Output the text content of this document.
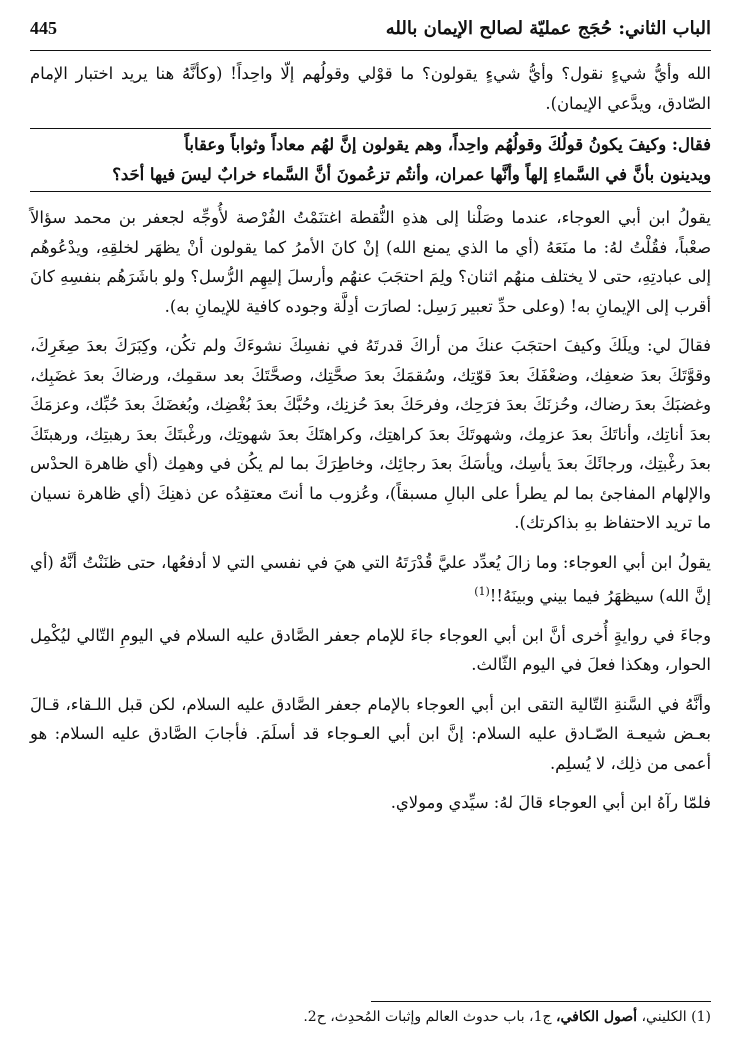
الباب الثاني: حُجَج عمليّة لصالح الإيمان بالله
445

الله وأيُّ شيءٍ نقول؟ وأيُّ شيءٍ يقولون؟ ما قوْلي وقولُهم إلّا واحِداً! (وكأنَّهُ هنا يريد اختبار الإمام الصّادق، ويدَّعي الإيمان).

فقال: وكيفَ يكونُ قولُكَ وقولُهُم واحِداً، وهم يقولون إنَّ لهُم معاداً وثواباً وعقاباً
ويدينون بأنَّ في السَّماءِ إلهاً وأنَّها عمران، وأنتُم تزعُمونَ أنَّ السَّماء خرابٌ ليسَ فيها أحَد؟

يقولُ ابن أبي العوجاء، عندما وصَلْنا إلى هذهِ النُّقطة اغتنَمْتُ الفُرْصة لأُوجِّه لجعفر بن محمد سؤالاً صعْباً، فقُلْتُ لهُ: ما منَعَهُ (أي ما الذي يمنع الله) إنْ كانَ الأمرُ كما يقولون أنْ يظهَر لخلقِهِ، ويدْعُوهُم إلى عبادتِهِ، حتى لا يختلف منهُم اثنان؟ ولِمَ احتجَبَ عنهُم وأرسلَ إليهِم الرُّسل؟ ولو باشَرَهُم بنفسِهِ كانَ أقرب إلى الإيمانِ به! (وعلى حدِّ تعبير رَسِل: لصارَت أدِلَّة وجوده كافية للإيمانِ به).

فقالَ لي: ويلَكَ وكيفَ احتجَبَ عنكَ من أراكَ قدرتَهُ في نفسِكَ نشوءَكَ ولم تكُن، وكِبَرَكَ بعدَ صِغَرِكَ، وقوَّتَكَ بعدَ ضعفِك، وضعْفَكَ بعدَ قوّتِك، وسُقمَكَ بعدَ صحَّتِك، وصحَّتَكَ بعد سقمِك، ورضاكَ بعدَ غضَبِك، وغضبَكَ بعدَ رضاك، وحُزنَكَ بعدَ فرَحِك، وفرحَكَ بعدَ حُزنِك، وحُبَّكَ بعدَ بُغْضِك، وبُغضَكَ بعدَ حُبِّك، وعزمَكَ بعدَ أناتِك، وأناتَكَ بعدَ عزمِك، وشهوتَكَ بعدَ كراهتِك، وكراهتَكَ بعدَ شهوتِك، ورغْبتَكَ بعدَ رهبتِك، ورهبتَكَ بعدَ رغْبتِك، ورجائَكَ بعدَ يأسِك، ويأسَكَ بعدَ رجائِك، وخاطِرَكَ بما لم يكُن في وهمِك (أي ظاهرة الحدْس والإلهام المفاجئ بما لم يطرأ على البالِ مسبقاً)، وعُزوب ما أنتَ معتقِدُه عن ذهنِكَ (أي ظاهرة نسيان ما تريد الاحتفاظ بهِ بذاكرتك).

يقولُ ابن أبي العوجاء: وما زالَ يُعدِّد عليَّ قُدْرَتَهُ التي هيَ في نفسي التي لا أدفعُها، حتى ظنَنْتُ أنَّهُ (أي إنَّ الله) سيظهَرُ فيما بيني وبينَهُ!!$^{(1)}$

وجاءَ في روايةٍ أُخرى أنَّ ابن أبي العوجاء جاءَ للإمام جعفر الصَّادق عليه السلام في اليومِ التّالي ليُكْمِل الحوار، وهكذا فعلَ في اليوم الثّالث.

وأنَّهُ في السَّنةِ التّالية التقى ابن أبي العوجاء بالإمام جعفر الصَّادق عليه السلام، لكن قبل اللـقاء، قـالَ بعـض شيعـة الصّـادق عليه السلام: إنَّ ابن أبي العـوجاء قد أسلَمَ. فأجابَ الصَّادق عليه السلام: هو أعمى من ذلِك، لا يُسلِم.

فلمّا رآهُ ابن أبي العوجاء قالَ لهُ: سيِّدي ومولاي.

(1) الكليني، أصول الكافي، ج1، باب حدوث العالم وإثبات المُحدِث، ح2.
